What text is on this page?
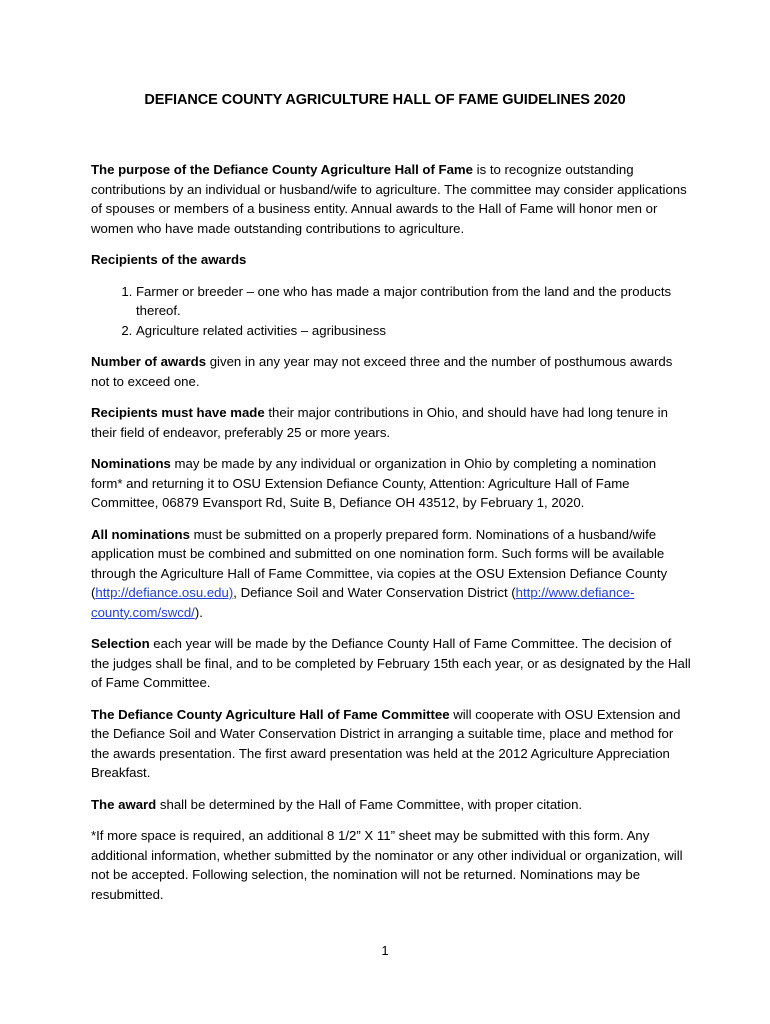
DEFIANCE COUNTY AGRICULTURE HALL OF FAME GUIDELINES 2020

The purpose of the Defiance County Agriculture Hall of Fame is to recognize outstanding contributions by an individual or husband/wife to agriculture. The committee may consider applications of spouses or members of a business entity. Annual awards to the Hall of Fame will honor men or women who have made outstanding contributions to agriculture.

Recipients of the awards

1. Farmer or breeder – one who has made a major contribution from the land and the products thereof.
2. Agriculture related activities – agribusiness

Number of awards given in any year may not exceed three and the number of posthumous awards not to exceed one.

Recipients must have made their major contributions in Ohio, and should have had long tenure in their field of endeavor, preferably 25 or more years.

Nominations may be made by any individual or organization in Ohio by completing a nomination form* and returning it to OSU Extension Defiance County, Attention: Agriculture Hall of Fame Committee, 06879 Evansport Rd, Suite B, Defiance OH 43512, by February 1, 2020.

All nominations must be submitted on a properly prepared form. Nominations of a husband/wife application must be combined and submitted on one nomination form. Such forms will be available through the Agriculture Hall of Fame Committee, via copies at the OSU Extension Defiance County (http://defiance.osu.edu), Defiance Soil and Water Conservation District (http://www.defiance-county.com/swcd/).

Selection each year will be made by the Defiance County Hall of Fame Committee. The decision of the judges shall be final, and to be completed by February 15th each year, or as designated by the Hall of Fame Committee.

The Defiance County Agriculture Hall of Fame Committee will cooperate with OSU Extension and the Defiance Soil and Water Conservation District in arranging a suitable time, place and method for the awards presentation. The first award presentation was held at the 2012 Agriculture Appreciation Breakfast.

The award shall be determined by the Hall of Fame Committee, with proper citation.

*If more space is required, an additional 8 1/2” X 11” sheet may be submitted with this form. Any additional information, whether submitted by the nominator or any other individual or organization, will not be accepted. Following selection, the nomination will not be returned. Nominations may be resubmitted.

1
